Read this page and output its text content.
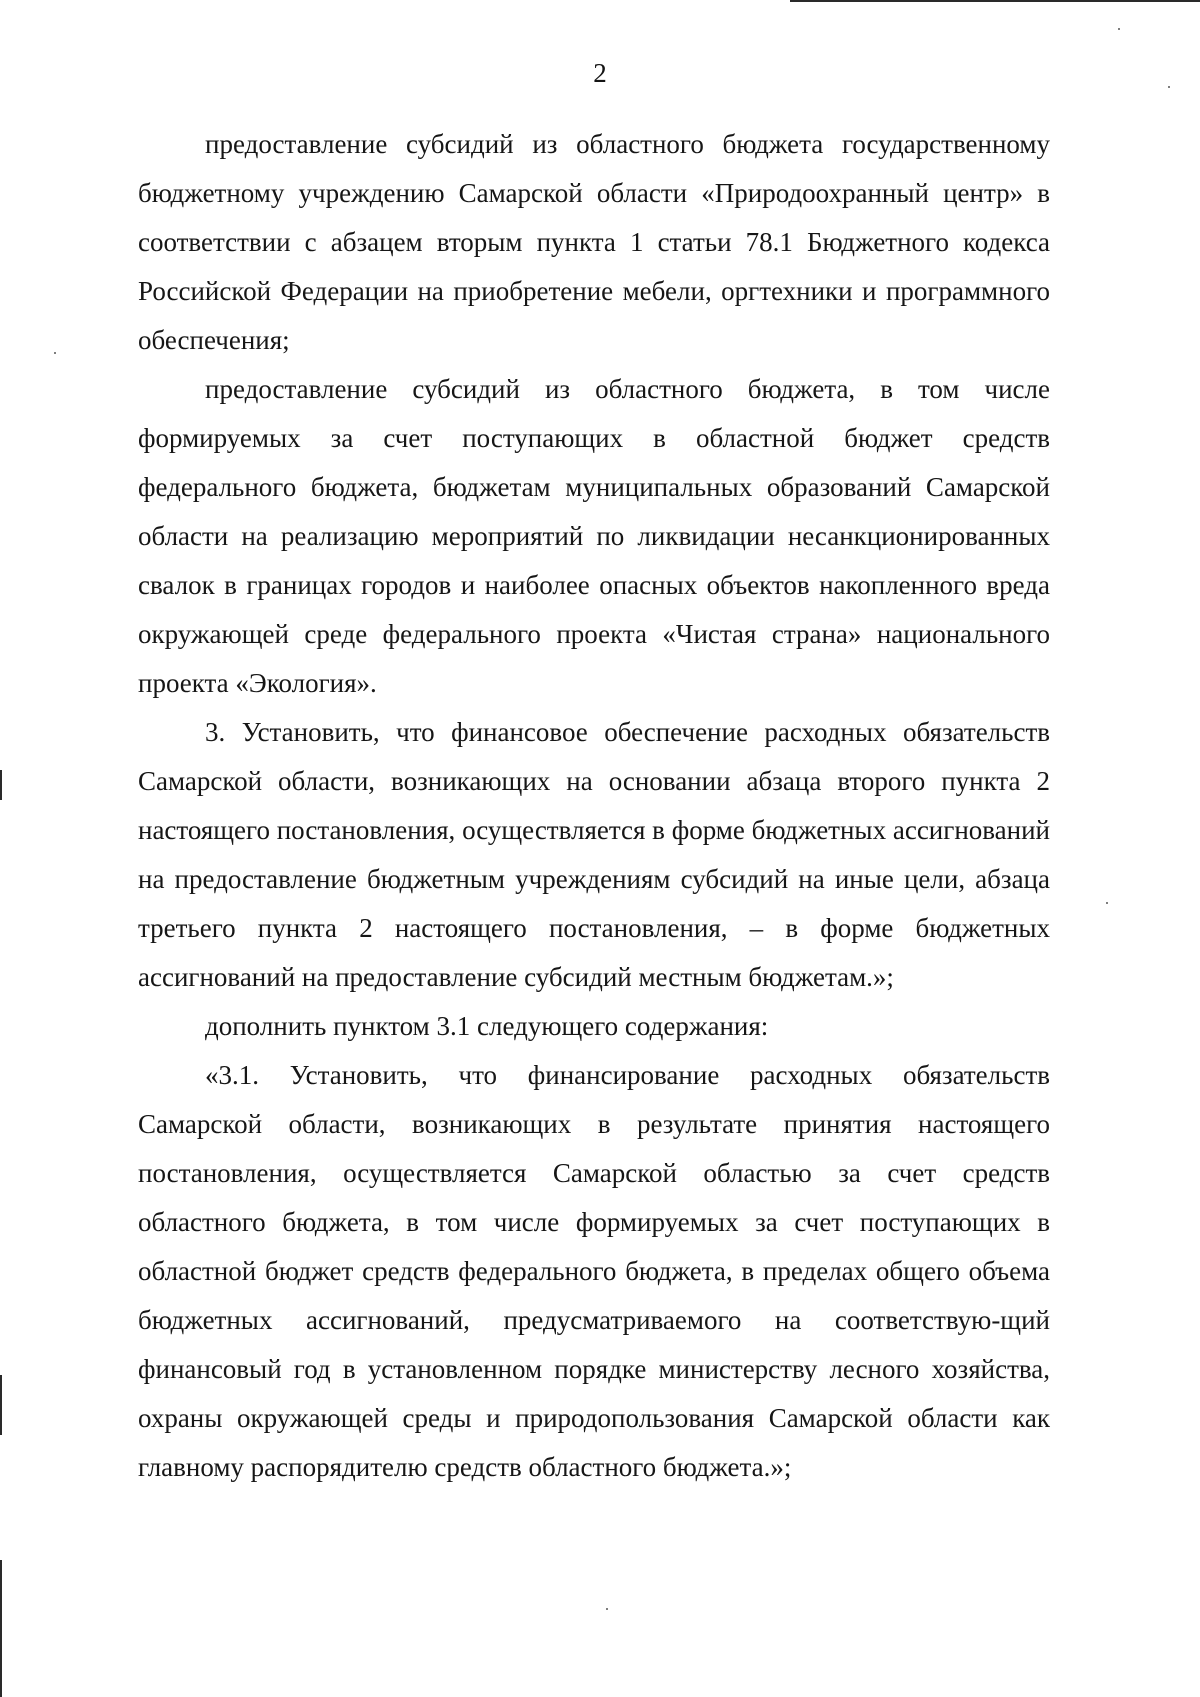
2

предоставление субсидий из областного бюджета государственному бюджетному учреждению Самарской области «Природоохранный центр» в соответствии с абзацем вторым пункта 1 статьи 78.1 Бюджетного кодекса Российской Федерации на приобретение мебели, оргтехники и программного обеспечения;

предоставление субсидий из областного бюджета, в том числе формируемых за счет поступающих в областной бюджет средств федерального бюджета, бюджетам муниципальных образований Самарской области на реализацию мероприятий по ликвидации несанкционированных свалок в границах городов и наиболее опасных объектов накопленного вреда окружающей среде федерального проекта «Чистая страна» национального проекта «Экология».

3. Установить, что финансовое обеспечение расходных обязательств Самарской области, возникающих на основании абзаца второго пункта 2 настоящего постановления, осуществляется в форме бюджетных ассигнований на предоставление бюджетным учреждениям субсидий на иные цели, абзаца третьего пункта 2 настоящего постановления, – в форме бюджетных ассигнований на предоставление субсидий местным бюджетам.»;

дополнить пунктом 3.1 следующего содержания:

«3.1. Установить, что финансирование расходных обязательств Самарской области, возникающих в результате принятия настоящего постановления, осуществляется Самарской областью за счет средств областного бюджета, в том числе формируемых за счет поступающих в областной бюджет средств федерального бюджета, в пределах общего объема бюджетных ассигнований, предусматриваемого на соответствую-щий финансовый год в установленном порядке министерству лесного хозяйства, охраны окружающей среды и природопользования Самарской области как главному распорядителю средств областного бюджета.»;
